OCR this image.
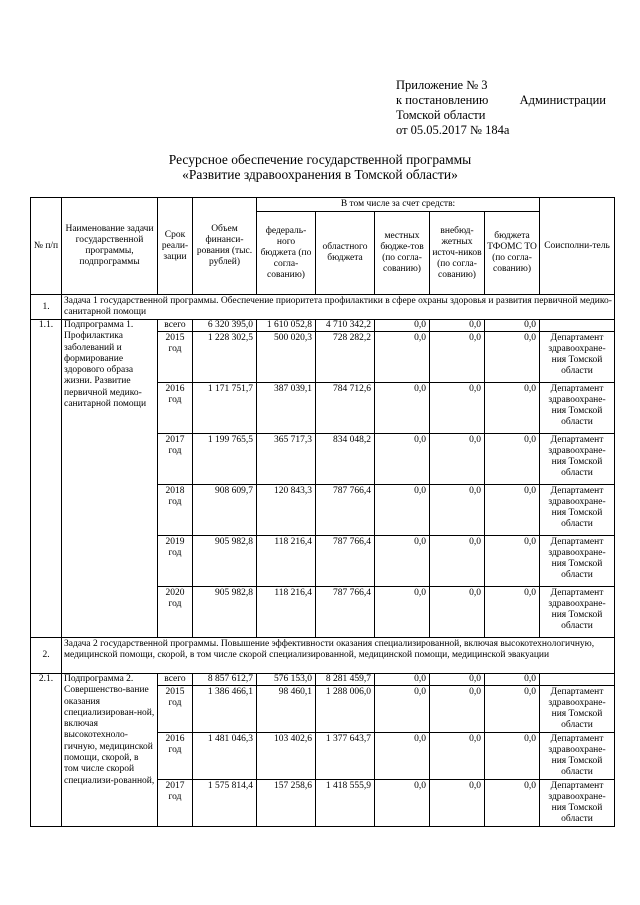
Приложение № 3
к постановлению	Администрации
Томской области
от 05.05.2017 № 184а
Ресурсное обеспечение государственной программы
«Развитие здравоохранения в Томской области»
№ п/п	Наименование задачи государственной программы, подпрограммы	Срок реали-зации	Объем финанси-рования (тыс. рублей)	В том числе за счет средств:					Соисполни-тель
				федераль-ного бюджета (по согла-сованию)	областного бюджета	местных бюдже-тов (по согла-сованию)	внебюд-жетных источ-ников (по согла-сованию)	бюджета ТФОМС ТО (по согла-сованию)	
1.	Задача 1 государственной программы. Обеспечение приоритета профилактики в сфере охраны здоровья и развития первичной медико-санитарной помощи								
1.1.	Подпрограмма 1. Профилактика заболеваний и формирование здорового образа жизни. Развитие первичной медико-санитарной помощи	всего	6 320 395,0	1 610 052,8	4 710 342,2	0,0	0,0	0,0	
		2015 год	1 228 302,5	500 020,3	728 282,2	0,0	0,0	0,0	Департамент здравоохране-ния Томской области
		2016 год	1 171 751,7	387 039,1	784 712,6	0,0	0,0	0,0	Департамент здравоохране-ния Томской области
		2017 год	1 199 765,5	365 717,3	834 048,2	0,0	0,0	0,0	Департамент здравоохране-ния Томской области
		2018 год	908 609,7	120 843,3	787 766,4	0,0	0,0	0,0	Департамент здравоохране-ния Томской области
		2019 год	905 982,8	118 216,4	787 766,4	0,0	0,0	0,0	Департамент здравоохране-ния Томской области
		2020 год	905 982,8	118 216,4	787 766,4	0,0	0,0	0,0	Департамент здравоохране-ния Томской области
2.	Задача 2 государственной программы. Повышение эффективности оказания специализированной, включая высокотехнологичную, медицинской помощи, скорой, в том числе скорой специализированной, медицинской помощи, медицинской эвакуации								
2.1.	Подпрограмма 2. Совершенство-вание оказания специализирован-ной, включая высокотехноло-гичную, медицинской помощи, скорой, в том числе скорой специализи-рованной,	всего	8 857 612,7	576 153,0	8 281 459,7	0,0	0,0	0,0	
		2015 год	1 386 466,1	98 460,1	1 288 006,0	0,0	0,0	0,0	Департамент здравоохране-ния Томской области
		2016 год	1 481 046,3	103 402,6	1 377 643,7	0,0	0,0	0,0	Департамент здравоохране-ния Томской области
		2017 год	1 575 814,4	157 258,6	1 418 555,9	0,0	0,0	0,0	Департамент здравоохране-ния Томской области
